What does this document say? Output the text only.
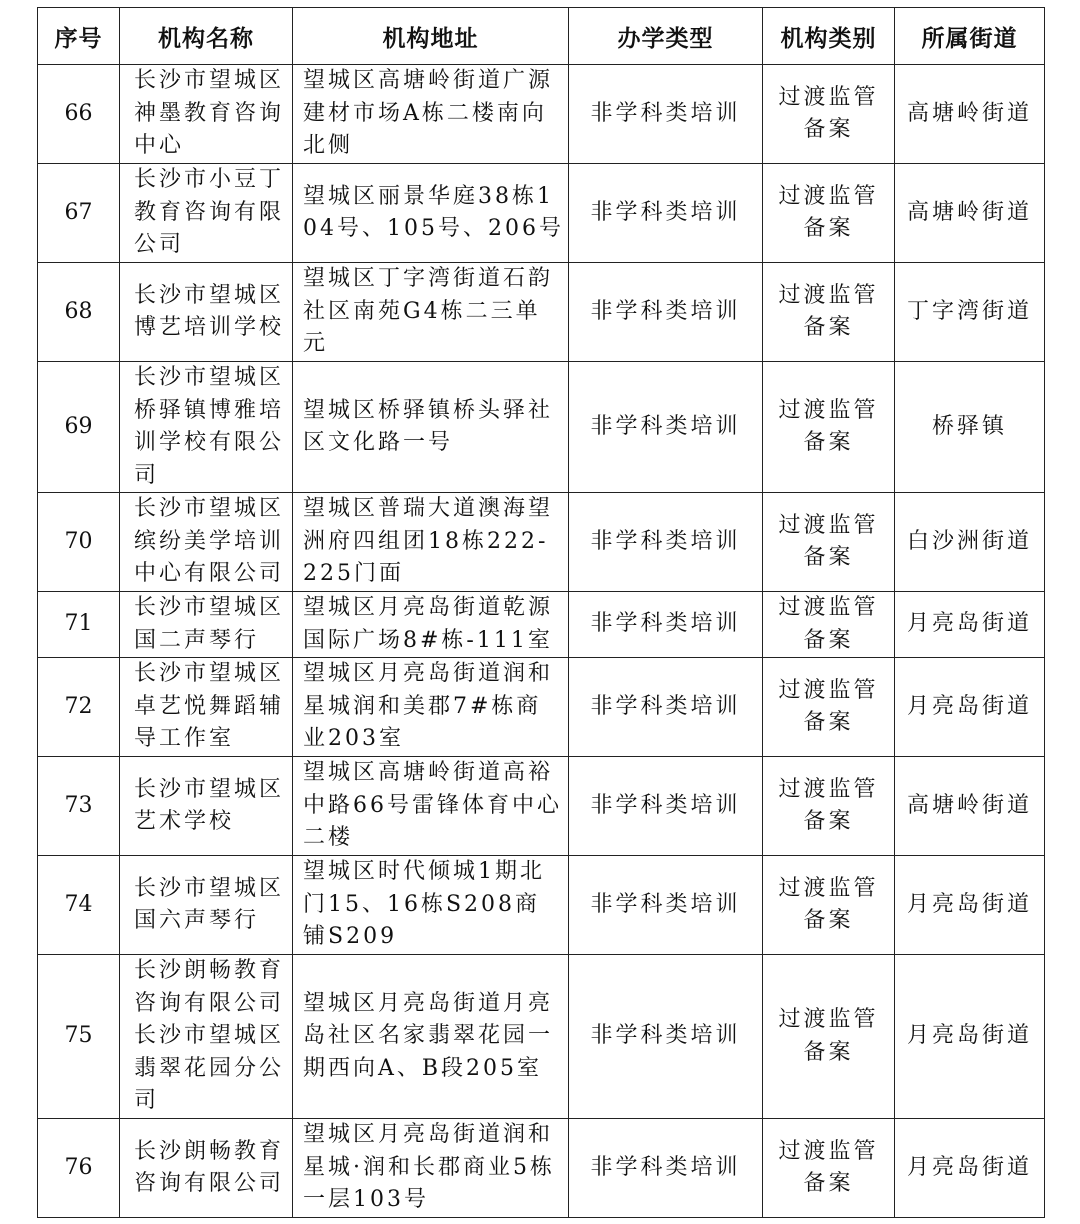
序号	机构名称	机构地址	办学类型	机构类别	所属街道
66	长沙市望城区神墨教育咨询中心	望城区高塘岭街道广源建材市场A栋二楼南向北侧	非学科类培训	过渡监管备案	高塘岭街道
67	长沙市小豆丁教育咨询有限公司	望城区丽景华庭38栋104号、105号、206号	非学科类培训	过渡监管备案	高塘岭街道
68	长沙市望城区博艺培训学校	望城区丁字湾街道石韵社区南苑G4栋二三单元	非学科类培训	过渡监管备案	丁字湾街道
69	长沙市望城区桥驿镇博雅培训学校有限公司	望城区桥驿镇桥头驿社区文化路一号	非学科类培训	过渡监管备案	桥驿镇
70	长沙市望城区缤纷美学培训中心有限公司	望城区普瑞大道澳海望洲府四组团18栋222-225门面	非学科类培训	过渡监管备案	白沙洲街道
71	长沙市望城区国二声琴行	望城区月亮岛街道乾源国际广场8#栋-111室	非学科类培训	过渡监管备案	月亮岛街道
72	长沙市望城区卓艺悦舞蹈辅导工作室	望城区月亮岛街道润和星城润和美郡7#栋商业203室	非学科类培训	过渡监管备案	月亮岛街道
73	长沙市望城区艺术学校	望城区高塘岭街道高裕中路66号雷锋体育中心二楼	非学科类培训	过渡监管备案	高塘岭街道
74	长沙市望城区国六声琴行	望城区时代倾城1期北门15、16栋S208商铺S209	非学科类培训	过渡监管备案	月亮岛街道
75	长沙朗畅教育咨询有限公司长沙市望城区翡翠花园分公司	望城区月亮岛街道月亮岛社区名家翡翠花园一期西向A、B段205室	非学科类培训	过渡监管备案	月亮岛街道
76	长沙朗畅教育咨询有限公司	望城区月亮岛街道润和星城·润和长郡商业5栋一层103号	非学科类培训	过渡监管备案	月亮岛街道
